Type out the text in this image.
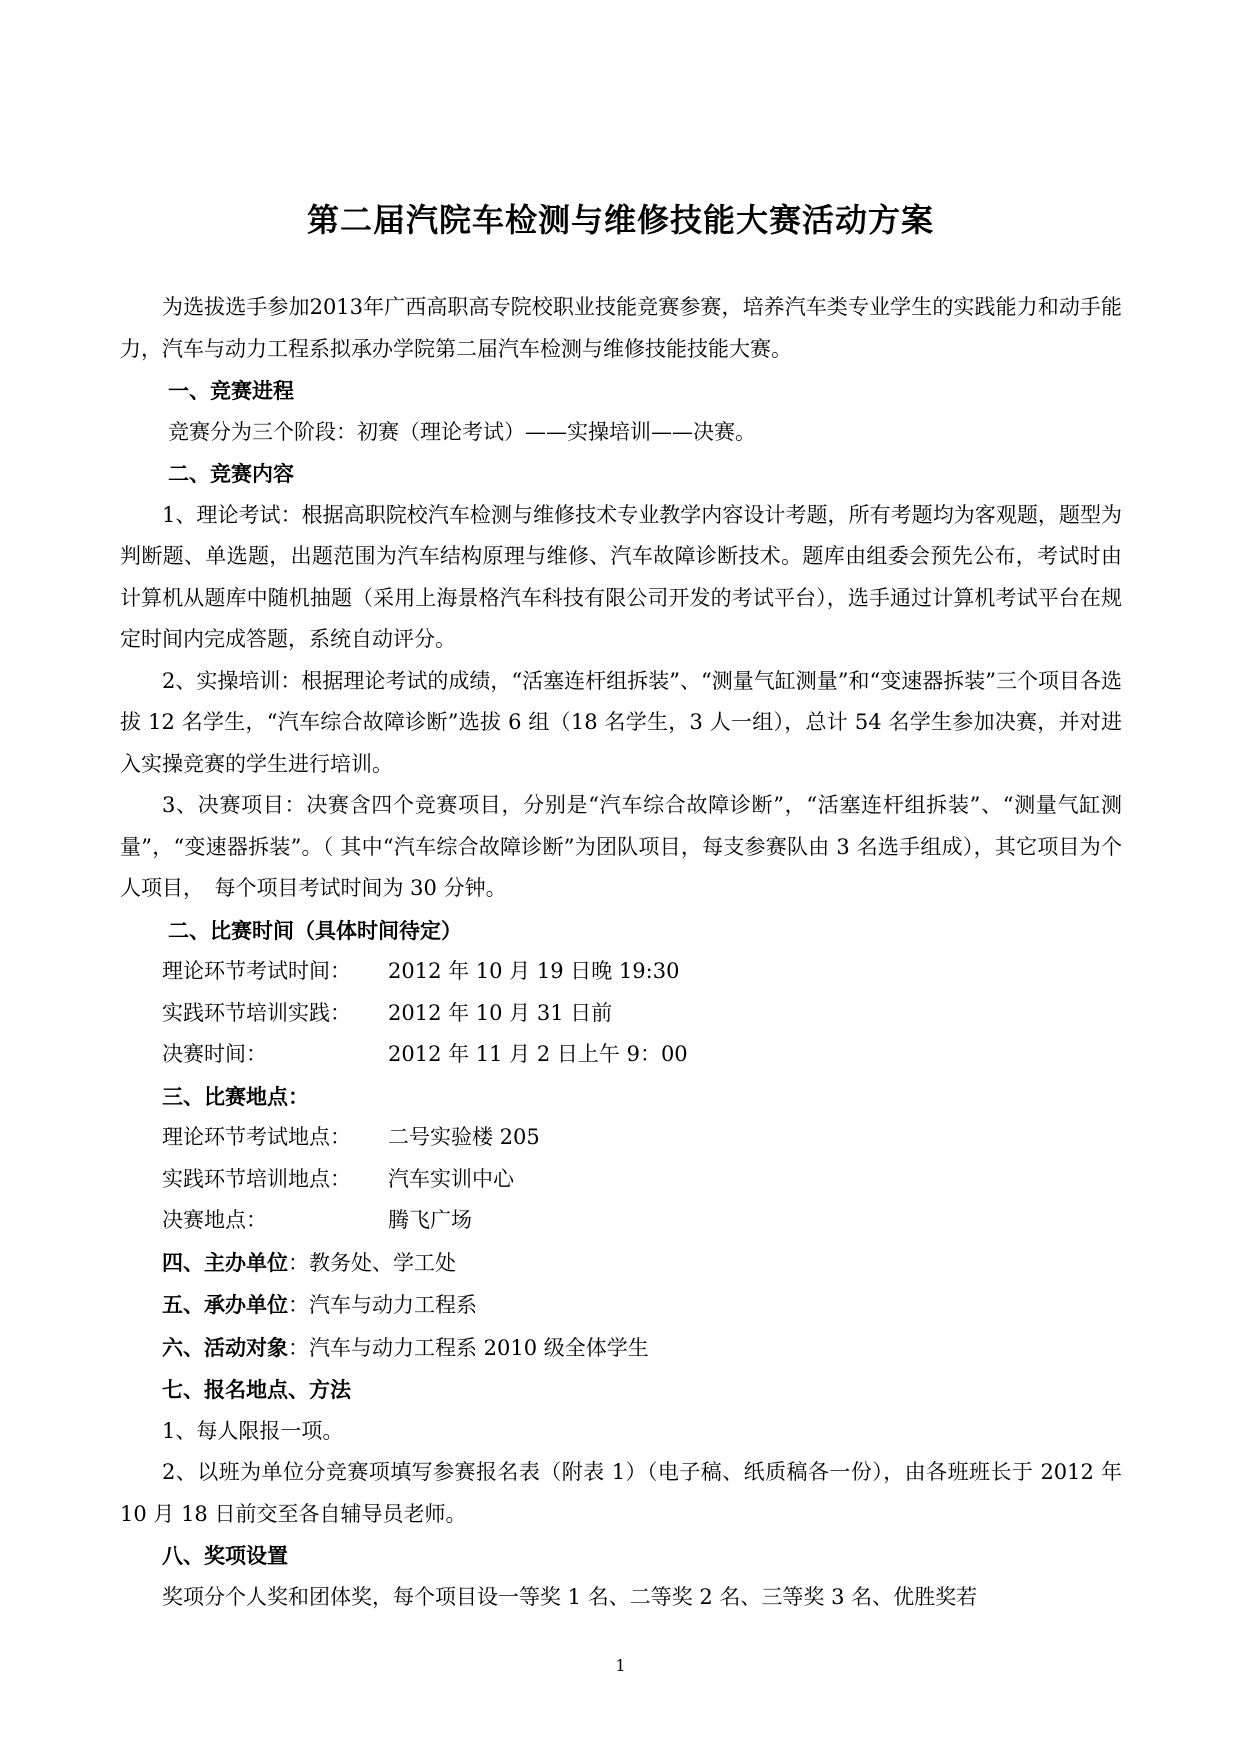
第二届汽院车检测与维修技能大赛活动方案

为选拔选手参加2013年广西高职高专院校职业技能竞赛参赛，培养汽车类专业学生的实践能力和动手能力，汽车与动力工程系拟承办学院第二届汽车检测与维修技能技能大赛。

一、竞赛进程

竞赛分为三个阶段：初赛（理论考试）——实操培训——决赛。

二、竞赛内容

1、理论考试：根据高职院校汽车检测与维修技术专业教学内容设计考题，所有考题均为客观题，题型为判断题、单选题，出题范围为汽车结构原理与维修、汽车故障诊断技术。题库由组委会预先公布，考试时由计算机从题库中随机抽题（采用上海景格汽车科技有限公司开发的考试平台），选手通过计算机考试平台在规定时间内完成答题，系统自动评分。

2、实操培训：根据理论考试的成绩，“活塞连杆组拆装”、“测量气缸测量”和“变速器拆装”三个项目各选拔 12 名学生，“汽车综合故障诊断”选拔 6 组（18 名学生，3 人一组），总计 54 名学生参加决赛，并对进入实操竞赛的学生进行培训。

3、决赛项目：决赛含四个竞赛项目，分别是“汽车综合故障诊断”，“活塞连杆组拆装”、“测量气缸测量”，“变速器拆装”。（ 其中“汽车综合故障诊断”为团队项目，每支参赛队由 3 名选手组成），其它项目为个人项目，　每个项目考试时间为 30 分钟。

二、比赛时间（具体时间待定）

理论环节考试时间：	2012 年 10 月 19 日晚 19:30
实践环节培训实践：	2012 年 10 月 31 日前
决赛时间：	2012 年 11 月 2 日上午 9：00

三、比赛地点：

理论环节考试地点：	二号实验楼 205
实践环节培训地点：	汽车实训中心
决赛地点：	腾飞广场

四、主办单位：教务处、学工处

五、承办单位：汽车与动力工程系

六、活动对象：汽车与动力工程系 2010 级全体学生

七、报名地点、方法

1、每人限报一项。

2、以班为单位分竞赛项填写参赛报名表（附表 1）（电子稿、纸质稿各一份），由各班班长于 2012 年 10 月 18 日前交至各自辅导员老师。

八、奖项设置

奖项分个人奖和团体奖，每个项目设一等奖 1 名、二等奖 2 名、三等奖 3 名、优胜奖若

1
